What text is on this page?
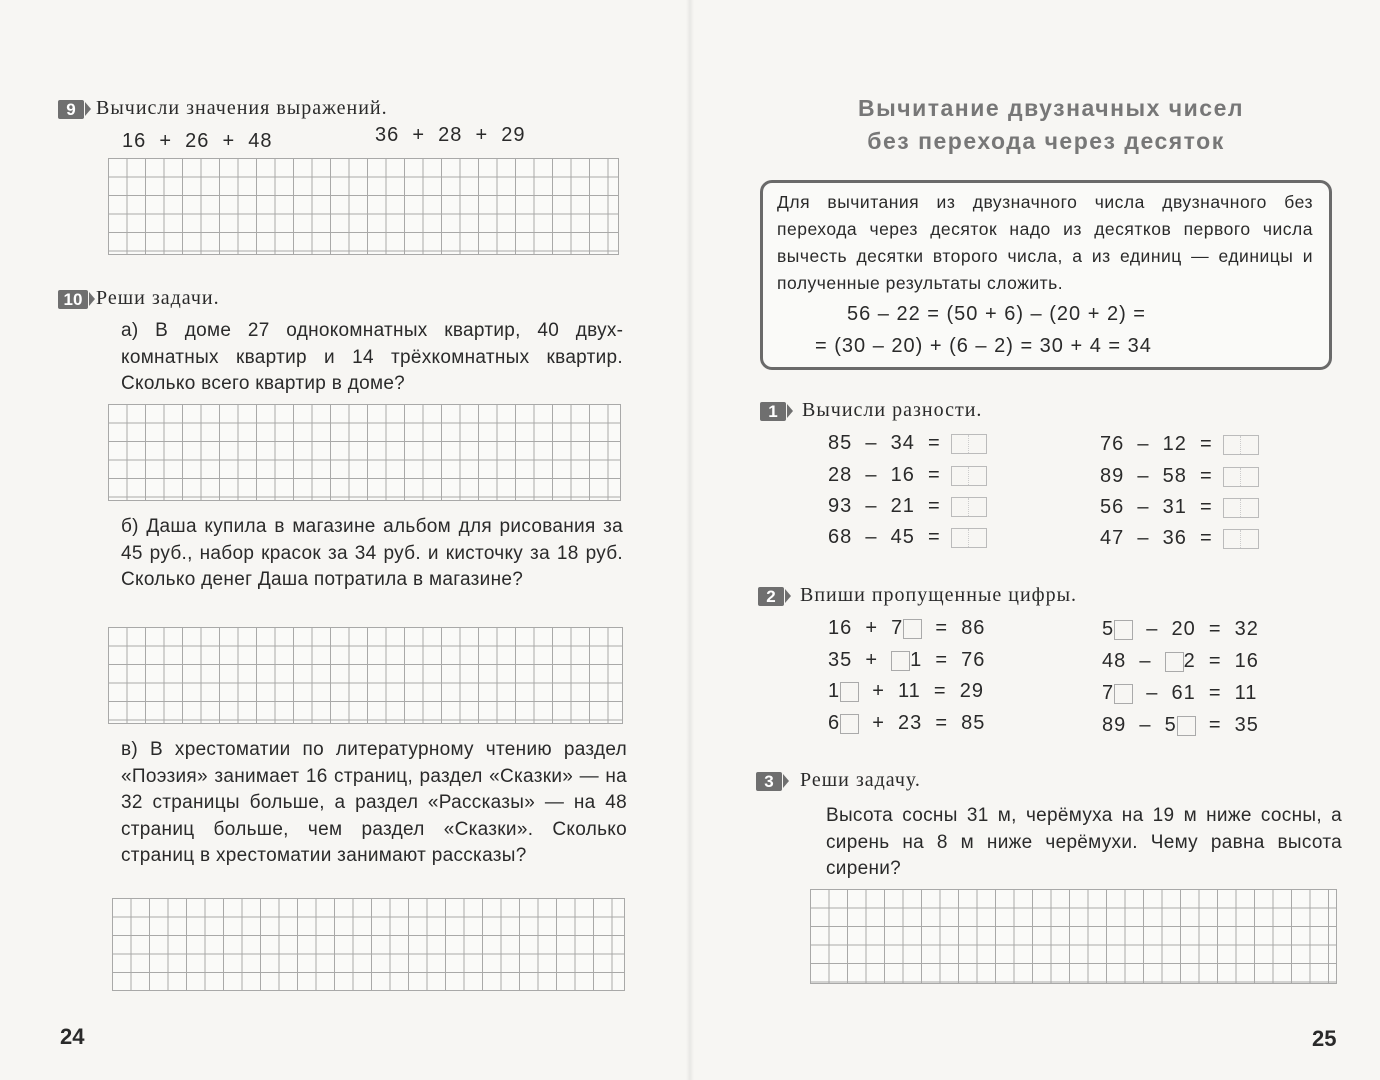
9	Вычисли значения выражений.
16  +  26  +  48	36  +  28  +  29
10 Реши задачи.
а) В доме 27 однокомнатных квартир, 40 двухкомнатных квартир и 14 трёхкомнатных квартир. Сколько всего квартир в доме?
б) Даша купила в магазине альбом для рисования за 45 руб., набор красок за 34 руб. и кисточку за 18 руб. Сколько денег Даша потратила в магазине?
в) В хрестоматии по литературному чтению раздел «Поэзия» занимает 16 страниц, раздел «Сказки» — на 32 страницы больше, а раздел «Рассказы» — на 48 страниц больше, чем раздел «Сказки». Сколько страниц в хрестоматии занимают рассказы?
24
Вычитание двузначных чисел
без перехода через десяток
Для вычитания из двузначного числа двузначного без перехода через десяток надо из десятков первого числа вычесть десятки второго числа, а из единиц — единицы и полученные результаты сложить.
56 – 22 = (50 + 6) – (20 + 2) =
= (30 – 20) + (6 – 2) = 30 + 4 = 34
1	Вычисли разности.
85  –  34  =
28  –  16  =
93  –  21  =
68  –  45  =
76  –  12  =
89  –  58  =
56  –  31  =
47  –  36  =
2	Впиши пропущенные цифры.
16  +  7  =  86
35  +  1  =  76
1  +  11  =  29
6  +  23  =  85
5  –  20  =  32
48  –  2  =  16
7  –  61  =  11
89  –  5  =  35
3	Реши задачу.
Высота сосны 31 м, черёмуха на 19 м ниже сосны, а сирень на 8 м ниже черёмухи. Чему равна высота сирени?
25
